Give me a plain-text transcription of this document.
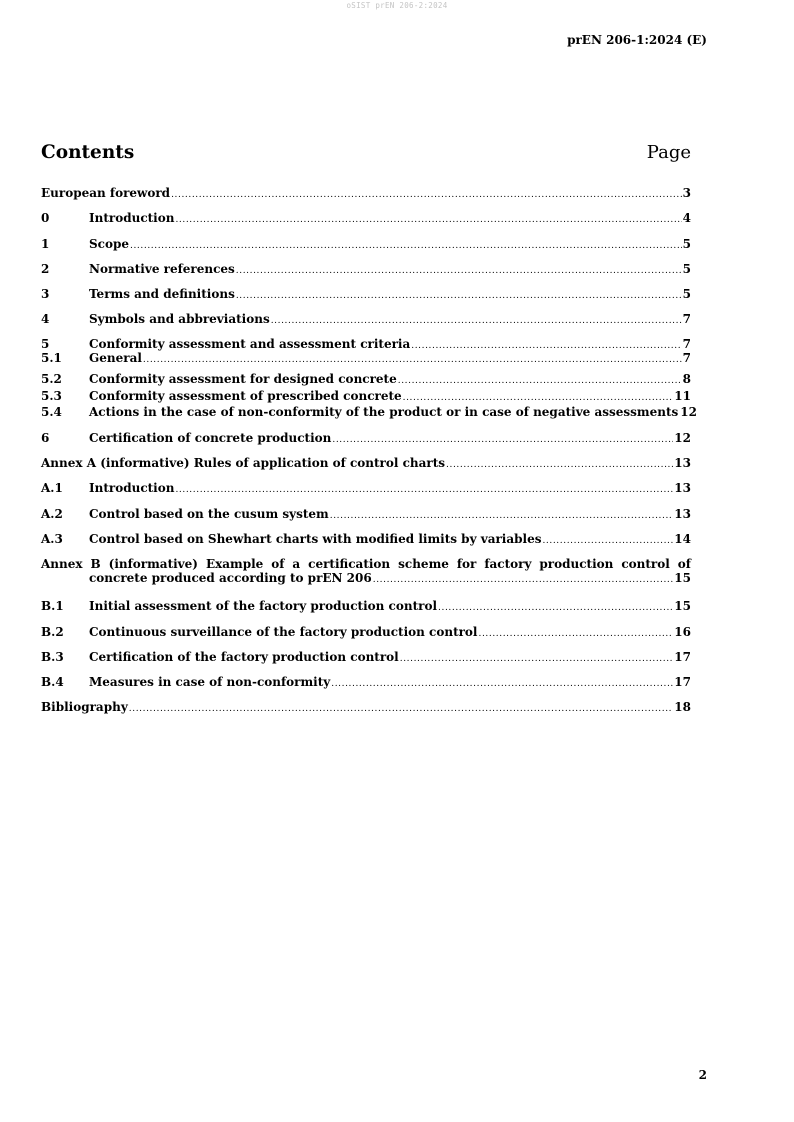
oSIST prEN 206-2:2024
prEN 206-1:2024 (E)
Contents	Page
European foreword .....	3
0	Introduction .....	4
1	Scope .....	5
2	Normative references .....	5
3	Terms and definitions .....	5
4	Symbols and abbreviations .....	7
5	Conformity assessment and assessment criteria .....	7
5.1	General .....	7
5.2	Conformity assessment for designed concrete .....	8
5.3	Conformity assessment of prescribed concrete .....	11
5.4	Actions in the case of non-conformity of the product or in case of negative assessments 12
6	Certification of concrete production .....	12
Annex A (informative) Rules of application of control charts .....	13
A.1	Introduction .....	13
A.2	Control based on the cusum system .....	13
A.3	Control based on Shewhart charts with modified limits by variables .....	14
Annex B (informative) Example of a certification scheme for factory production control of
concrete produced according to prEN 206 .....	15
B.1	Initial assessment of the factory production control .....	15
B.2	Continuous surveillance of the factory production control .....	16
B.3	Certification of the factory production control .....	17
B.4	Measures in case of non-conformity .....	17
Bibliography .....	18
2
